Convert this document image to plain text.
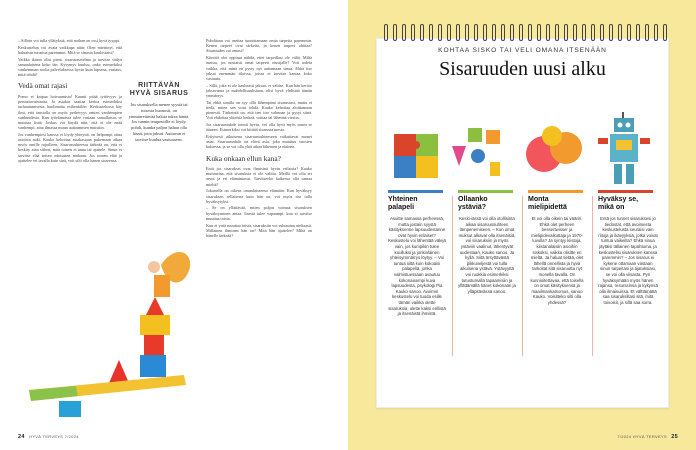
– Silloin voi tulla yllätyksiä, että noihan on ossi hyvä tyyppi.

Keskustelun voi avata vaikkapa näin: Olen miettinyt, että haluaisin tutustua paremmin. Mitä se sinusta kuulostaisi?

Vaikka ikäero olisi pieni, sisarusasetelma ja tarvitse säilyä samanlaisena koko iän. Kysymys kuuluu, onko esimerkiksi vanhemman roolia palveluksessa hyvin kuin lapsena, vastaus, mitä tehdä?

Vedä omat rajasi

Pomo ei kaipaa hoivaamista! Kaunii pitää tyttövyys ja peruuttavaisuutta. Ja asiakas saattaa kertoa esimerkiksi turhautumisesta huolimatta esihenkilön. Keskustelussa käy ilmi, että taustalla on myös perhevyys omien vanhempien vanhuudesta. Kun työelämässä tulee vastaan samallaisia, se muistaa lisää. Joskus voi käydä niin, että ei ole enää vanhempi, aina ilmassa muun auttaamisen muistiin.

Jos vanhempiesi kanssa ei löydy yhteyttä, on helpompi ottaa asioista auki. Kauko kehottaa asiakastaan pukemaan aikaa myös omille rajoilleen. Sisarussuhteessa tärkeää on, että ei keskity aina siihen, mitä toinen ei anna tai ajattele. Sinun ei tarvitse elää toisen odotusten mukaan. Jos toinen elää ja ajattelee eri tavalla kuin sinä, voit silti olla hänen sisarensa.

RIITTÄVÄN
HYVÄ SISARUS
Jos sisaruksella menee syystä tai toisesta huonosti, on ymmärrettävää haluta tukea häntä. Jos tunnin terapeutille ei löydy, pohdi, kuinka paljon haluat olla läsnä, jotta jaksat. Auttavan ei tarvitse kuulua vastuuseen.

Pohditaan voi asettaa tunnistamaan omia tarpeita paremmin. Kenen tarpeet ovat tärkeitä, ja kenen tarpeet ohittaa? Sisaruuden vai omasi?

Kiintiöt olet oppinut nähdä, ettei tarpeillasi ole väliä. Miltä tuntuu, jos nostaisit omat tarpeesi etusijalle? Voit todeta vaikka, että minä en pysty nyt auttamaan sinua. Ehkä itse jaksat enemmän tiloissa, joissa ei tarvitse kantaa koko vastuuta.

– Sillä, joka ei ole kauheasti jaksaa, ei valitse. Kun hän kertoo jaksavansa ja mahdollisuuksiaan, olisi hyvä yhdistää tämän ymmärrys.

Tai ehkä sinulla on syy olla lähempänä sisarustasi, mutta et tiedä, miten sen voisi tehdä. Kauko kehottaa aloittamaan pienestä. Tärkeintä on, että teet itse valinnan ja pysyt siinä. Voit ehdottaa yhteistä hetkeä, soittaa tai lähettää viestin.

Jos sisaruussuhde toimii hyvin, voi olla hyvä myös sanoa se ääneen. Esimerkiksi voi kiittää sisarusta tuesta.

Erityisesti aikuisena sisaruussuhteeseen vaikuttavat monet asiat. Sisaruussuhde on elävä asia, joka muuttuu vuosien kuluessa, ja se voi olla yhtä aikaa läheinen ja etäinen.

Kuka onkaan ellun kana?

Entä jos sisarukset ovat ihmisinä hyvin erilaisia? Kauko muistuttaa, että sisaruksia ei ole valittu. Meillä voi olla eri arvot ja eri elämäntavat. Tarvitseeko kaikessa olla samaa mieltä?

Jokaisella on oikeus omanlaiseensa elämään. Kun hyväksyy sisaruksen sellaisena kuin hän on, voi myös itse tulla hyväksytyksi.

– Se on yllättävää, miten paljon voimaa sisaruksen hyväksyminen antaa. Itsestä tulee vapaampi, kun ei tarvitse muuttaa toista.

Kun ei yritä muuttaa toista, sisaruksiin voi suhtautua uteliaasti. Millainen ihminen hän on? Mitä hän ajattelee? Mikä on hänelle tärkeää?

24 HYVÄ TERVEYS 7/2024
KOHTAA SISKO TAI VELI OMANA ITSENÄÄN
Sisaruuden uusi alku
Yhteinen
palapeli
Asuitte samassa perheessä, mutta jostain syystä käsityksenne lapsuudestanne ovat hyvin erilaiset? Keskustelu voi lähentää välejä vain, jos kumpikin tulee kuulluksi ja jonkinlainen yhteisymmärrys löytyy. – Voi tuntua siltä kuin kokoaisi palapeliä, jonka valmistuessaan avautuu kokonaisempi kuva lapsuudesta, psykologi Pia Kauko sanoo. Avoimin keskustelu voi tuoda esille tämän vaikka olette sisaruksia, olette kaksi erillistä ja itsenäistä ihmistä.
Ollaanko
ystäviä?
Keski-iässä voi olla otollisinta aikaa sisaruussuhteen lämpenemiseen. – Kun omat muksut alkavat olla itsenäisiä, voi sisaruksiin ja myös ystäviin vaalinut, lähentyvät uudestaan, Kauko sanoo. Ja kyllä. Siitä ärsyttävästä pikkuveljestä voi tulla aikuisena ystävä. Ystävyyttä voi ruokkia esimerkiksi tutustumalla tapaamisiin ja yllättämällä hänet kokonaan ja ylläpitävässä sanoo.
Monta
mielipidettä
Et voi olla oikein tai väärin. Ehkä olet perheen bessertwisser ja mielipidevaikuttaja ja 1970-luvulla? Ja syntyy kiistoja, kiistanalaisiin asioihin siskoksi, vaikka olisitte eri mieltä. Ja haluat tietää, olet lähellä onnellista ja hyvä tarkoitat sitä sisaruutta nyt monella tavalla. On kunnioitettavaa, että toisella on omat käsityksensä ja maailmankatsomus, sanoo Kauko. Voisitteko silti olla yhdessä?
Hyväksy se,
mikä on
Entä jos tunnet sisaruksesi jo tiedostat, että avoimesta keskustelusta seuraisi vain riitoja ja ikävyyksiä, jotka voivat tuntua vaikeilta? Ehkä sinua jäytäisi tällainen tapahtuma, ja keskustelisi sisaruksen kanssa paremmin? – Jos sisarus ei kykene ottamaan vastaan sinun tarpeitasi ja ajatuksiasi, se voi olla viisasta. Pyri hyväksymään myös hänen rajansa, resurssinsa ja kykynsä olla ilmaisuissa. Et välttämättä saa sisaruksiltasi sitä, mitä toivoisit, ja sillä saa surra.
7/2024 HYVÄ TERVEYS 25
